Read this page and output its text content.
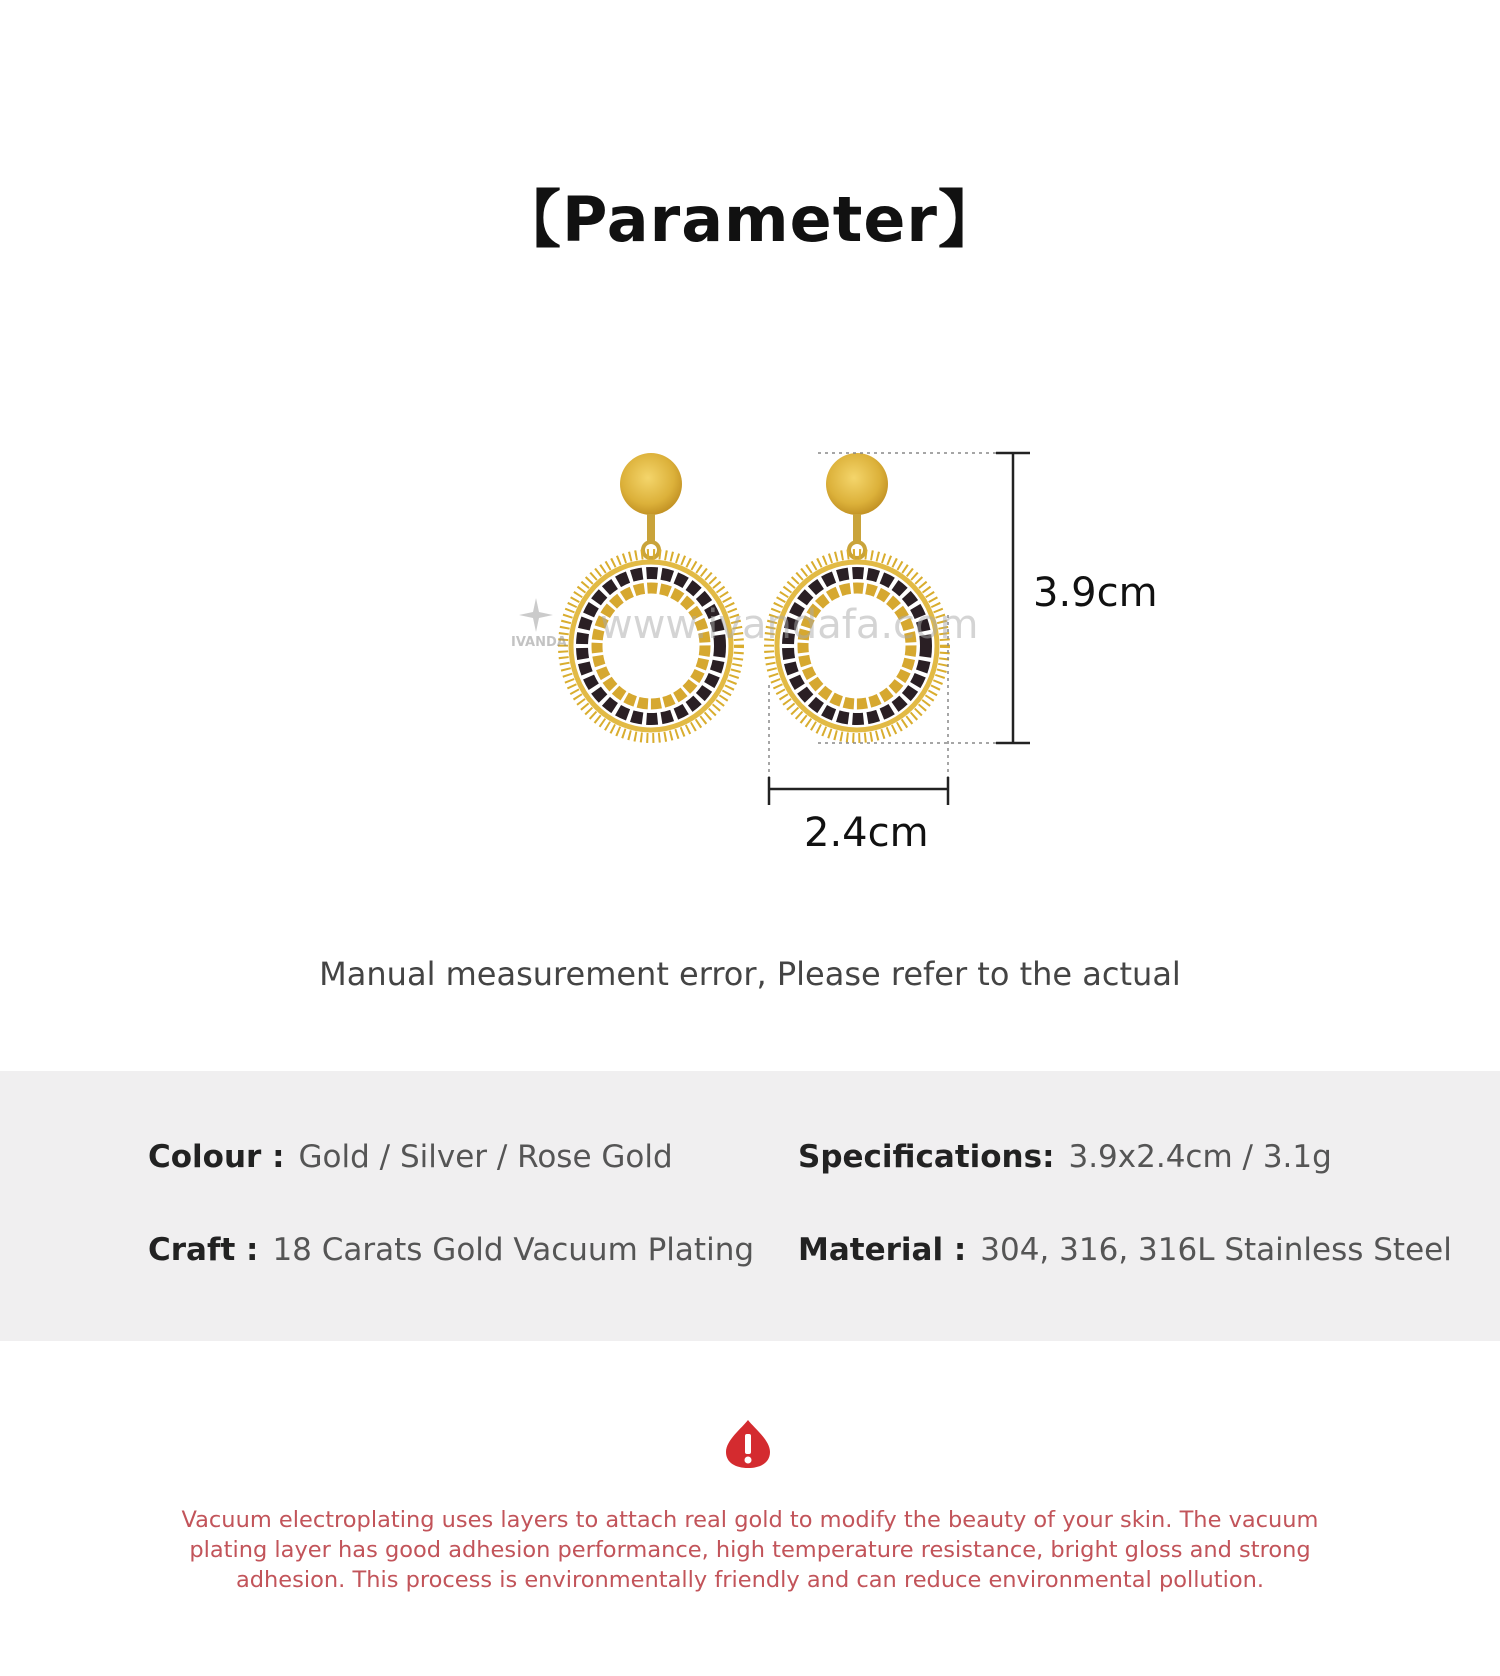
【Parameter】
IVANDA www.ivandafa.com
3.9cm
2.4cm
Manual measurement error, Please refer to the actual
Colour : Gold / Silver / Rose Gold	Specifications: 3.9x2.4cm / 3.1g
Craft : 18 Carats Gold Vacuum Plating Material : 304, 316, 316L Stainless Steel
Vacuum electroplating uses layers to attach real gold to modify the beauty of your skin. The vacuum plating layer has good adhesion performance, high temperature resistance, bright gloss and strong adhesion. This process is environmentally friendly and can reduce environmental pollution.
